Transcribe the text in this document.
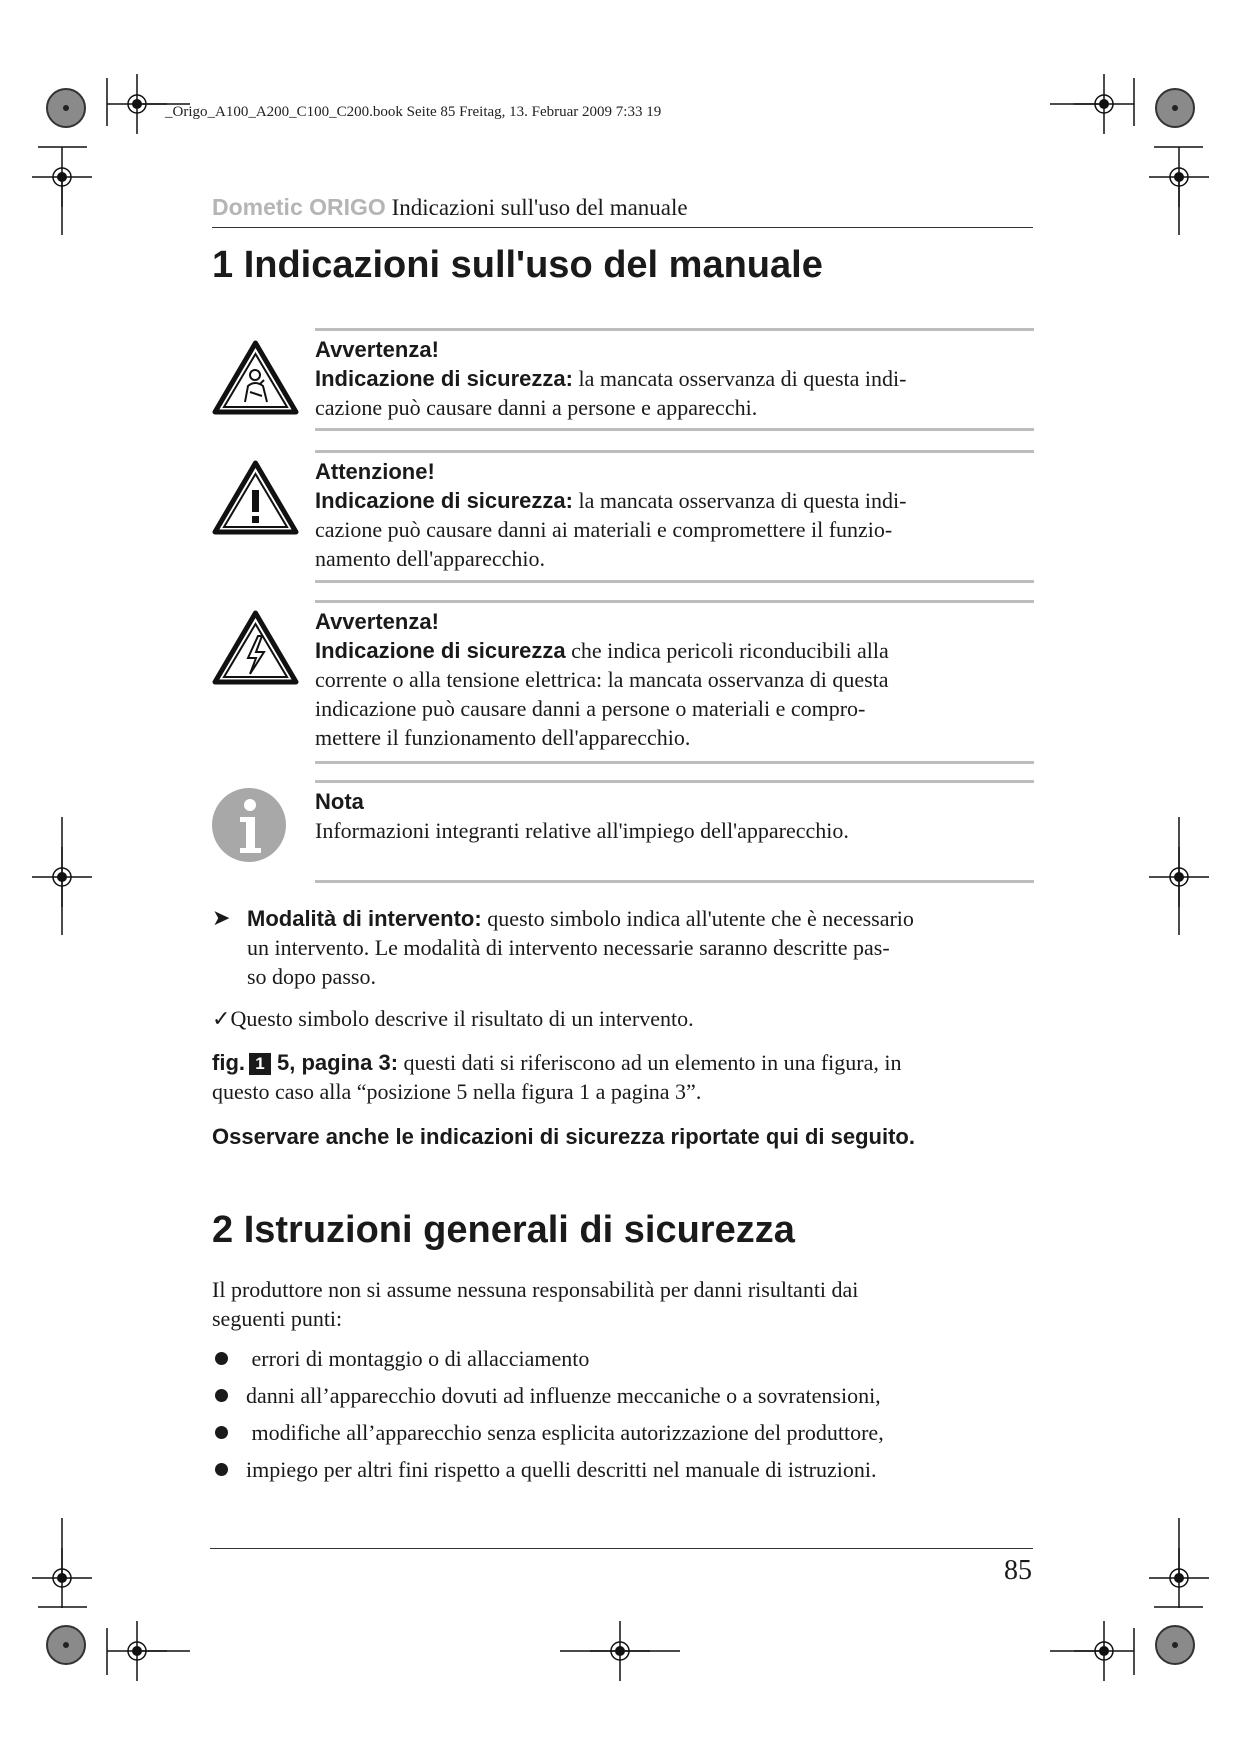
_Origo_A100_A200_C100_C200.book Seite 85 Freitag, 13. Februar 2009 7:33 19
Dometic ORIGO Indicazioni sull'uso del manuale
1 Indicazioni sull'uso del manuale
Avvertenza!
Indicazione di sicurezza: la mancata osservanza di questa indi-
cazione può causare danni a persone e apparecchi.
Attenzione!
Indicazione di sicurezza: la mancata osservanza di questa indi-
cazione può causare danni ai materiali e compromettere il funzio-
namento dell'apparecchio.
Avvertenza!
Indicazione di sicurezza che indica pericoli riconducibili alla
corrente o alla tensione elettrica: la mancata osservanza di questa
indicazione può causare danni a persone o materiali e compro-
mettere il funzionamento dell'apparecchio.
Nota
Informazioni integranti relative all'impiego dell'apparecchio.
➤ Modalità di intervento: questo simbolo indica all'utente che è necessario
un intervento. Le modalità di intervento necessarie saranno descritte pas-
so dopo passo.
✓Questo simbolo descrive il risultato di un intervento.
fig. 1 5, pagina 3: questi dati si riferiscono ad un elemento in una figura, in
questo caso alla “posizione 5 nella figura 1 a pagina 3”.
Osservare anche le indicazioni di sicurezza riportate qui di seguito.
2 Istruzioni generali di sicurezza
Il produttore non si assume nessuna responsabilità per danni risultanti dai
seguenti punti:
errori di montaggio o di allacciamento
danni all’apparecchio dovuti ad influenze meccaniche o a sovratensioni,
modifiche all’apparecchio senza esplicita autorizzazione del produttore,
impiego per altri fini rispetto a quelli descritti nel manuale di istruzioni.
85
